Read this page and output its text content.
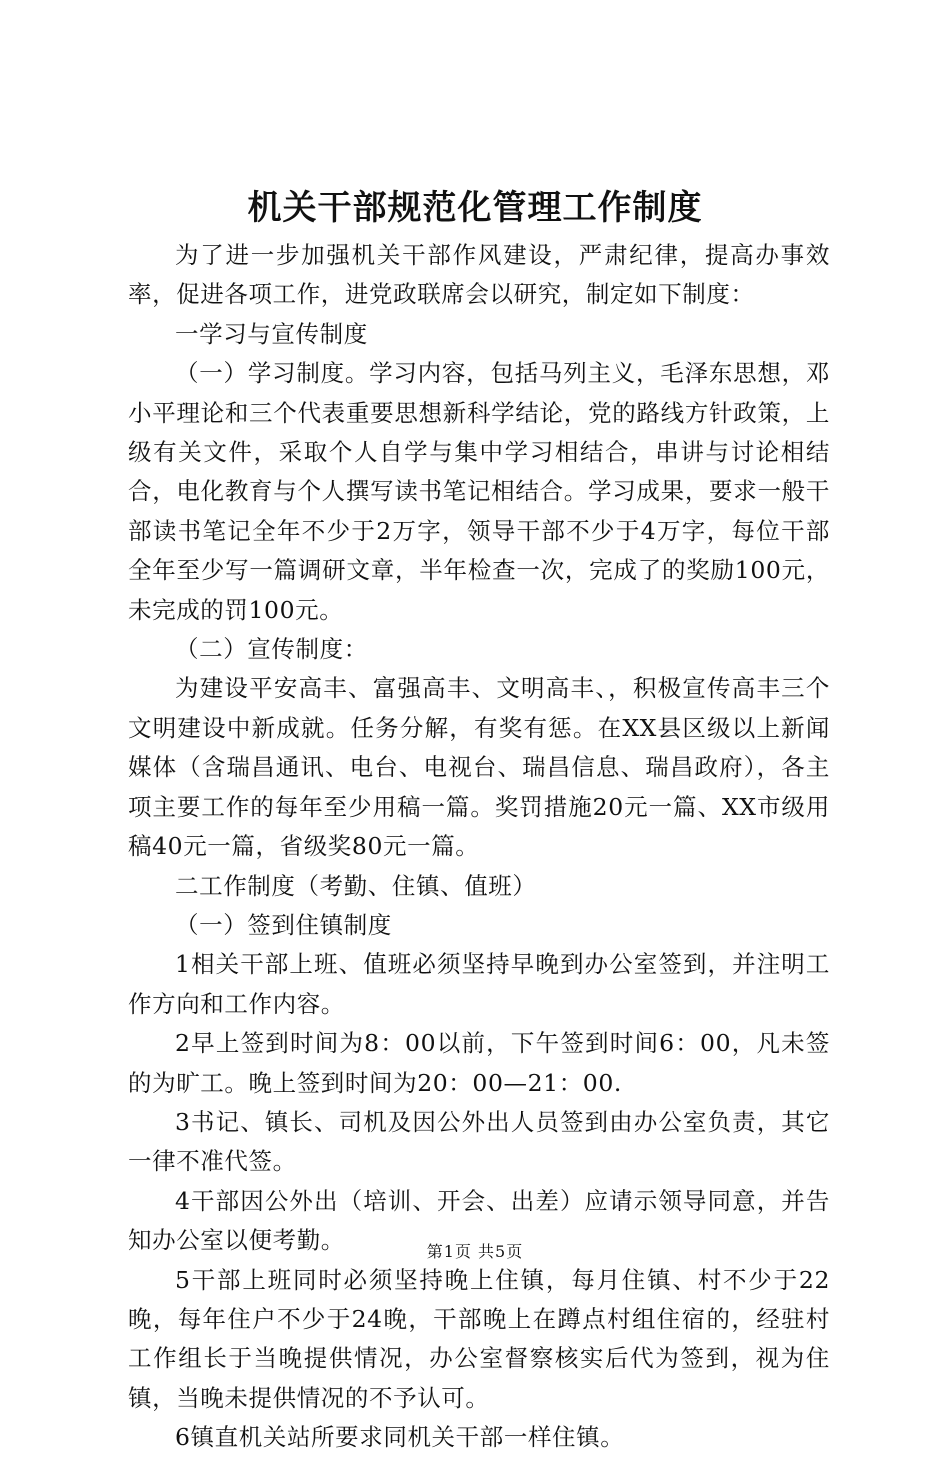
机关干部规范化管理工作制度

为了进一步加强机关干部作风建设，严肃纪律，提高办事效率，促进各项工作，进党政联席会以研究，制定如下制度：

一学习与宣传制度

（一）学习制度。学习内容，包括马列主义，毛泽东思想，邓小平理论和三个代表重要思想新科学结论，党的路线方针政策，上级有关文件，采取个人自学与集中学习相结合，串讲与讨论相结合，电化教育与个人撰写读书笔记相结合。学习成果，要求一般干部读书笔记全年不少于2万字，领导干部不少于4万字，每位干部全年至少写一篇调研文章，半年检查一次，完成了的奖励100元，未完成的罚100元。

（二）宣传制度：

为建设平安高丰、富强高丰、文明高丰、，积极宣传高丰三个文明建设中新成就。任务分解，有奖有惩。在XX县区级以上新闻媒体（含瑞昌通讯、电台、电视台、瑞昌信息、瑞昌政府），各主项主要工作的每年至少用稿一篇。奖罚措施20元一篇、XX市级用稿40元一篇，省级奖80元一篇。

二工作制度（考勤、住镇、值班）

（一）签到住镇制度

1相关干部上班、值班必须坚持早晚到办公室签到，并注明工作方向和工作内容。

2早上签到时间为8：00以前，下午签到时间6：00，凡未签的为旷工。晚上签到时间为20：00—21：00.

3书记、镇长、司机及因公外出人员签到由办公室负责，其它一律不准代签。

4干部因公外出（培训、开会、出差）应请示领导同意，并告知办公室以便考勤。

5干部上班同时必须坚持晚上住镇，每月住镇、村不少于22晚，每年住户不少于24晚，干部晚上在蹲点村组住宿的，经驻村工作组长于当晚提供情况，办公室督察核实后代为签到，视为住镇，当晚未提供情况的不予认可。

6镇直机关站所要求同机关干部一样住镇。

第1页 共5页
